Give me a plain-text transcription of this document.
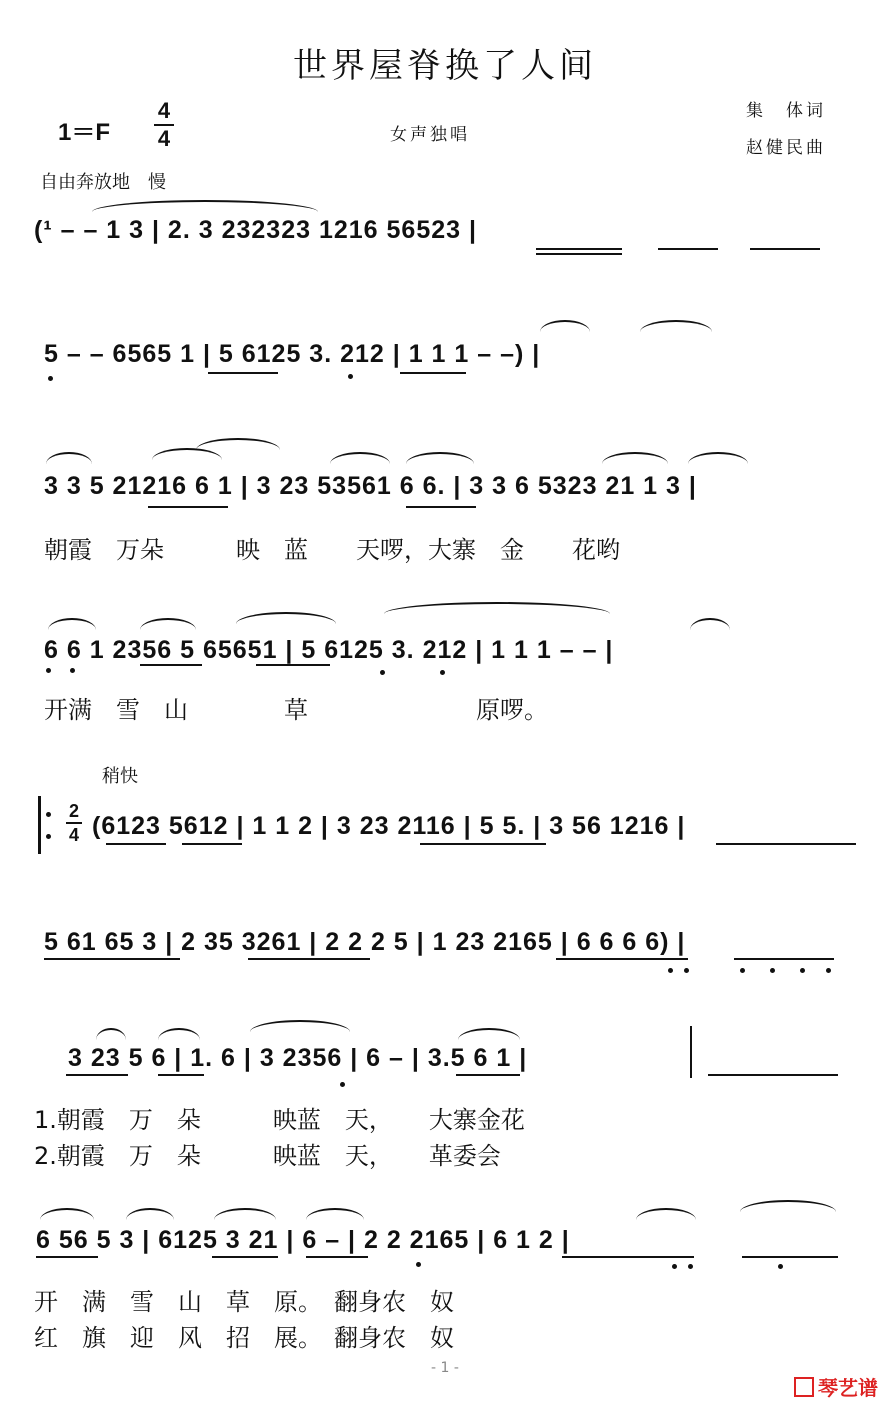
世界屋脊换了人间
1＝F
4
4	女声独唱
集　体词
赵健民曲
自由奔放地　慢
(¹ – – 1 3 | 2. 3 232323 1216 56523 |
5 – – 6565 1 | 5 6125 3. 212 | 1 1 1 – –) |
3 3 5 21216 6 1 | 3 23 53561 6 6. | 3 3 6 5323 21 1 3 |
朝霞　万朵　　　映　蓝　　天啰，大寨　金　　花哟
6 6 1 2356 5 65651 | 5 6125 3. 212 | 1 1 1 – – |
开满　雪　山　　　　草　　　　　　　原啰。
稍快
2
4 (6123 5612 | 1 1 2 | 3 23 2116 | 5 5. | 3 56 1216 |
5 61 65 3 | 2 35 3261 | 2 2 2 5 | 1 23 2165 | 6 6 6 6) |
3 23 5 6 | 1. 6 | 3 2356 | 6 – | 3.5 6 1 |
1.朝霞　万　朵　　　映蓝　天，　　大寨金花
2.朝霞　万　朵　　　映蓝　天，　　革委会
6 56 5 3 | 6125 3 21 | 6 – | 2 2 2165 | 6 1 2 |
开　满　雪　山　草　原。　翻身农　奴
红　旗　迎　风　招　展。　翻身农　奴
- 1 -
琴艺谱
